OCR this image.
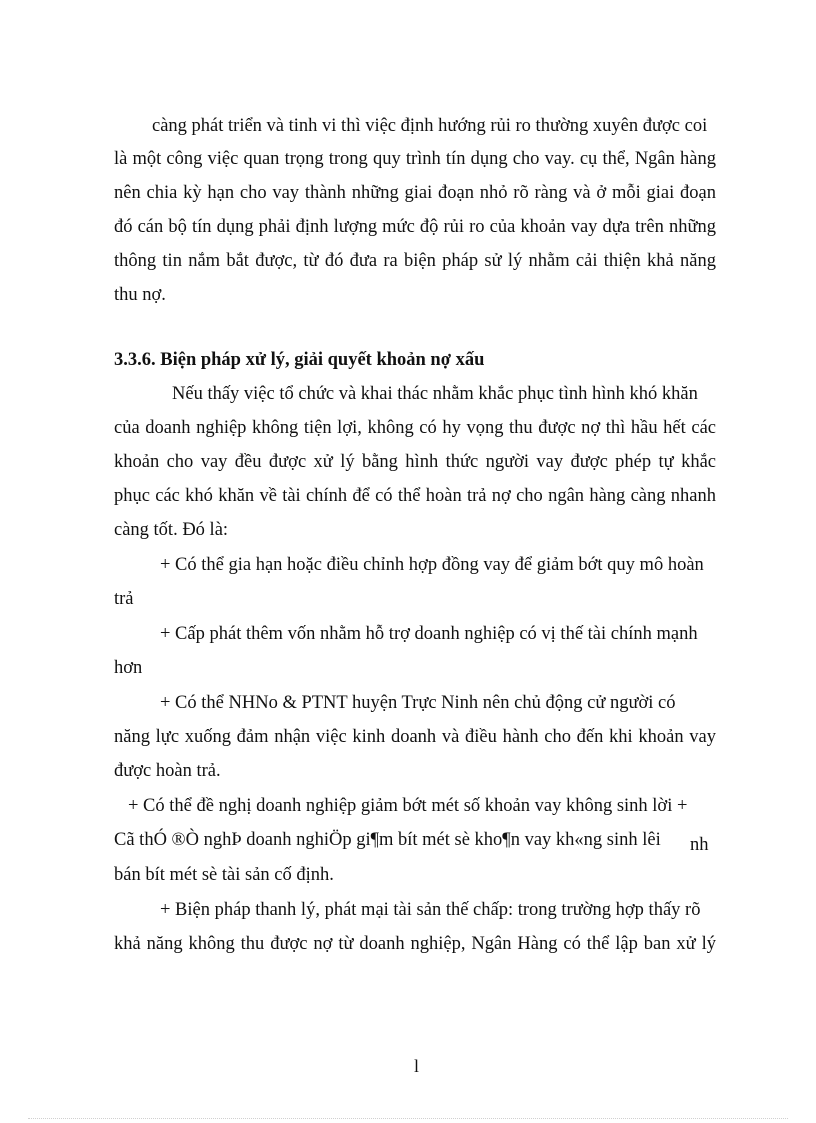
càng phát triển và tinh vi thì việc định hướng rủi ro thường xuyên được coi
là một công việc quan trọng trong quy trình tín dụng cho vay. cụ thể, Ngân hàng
nên chia kỳ hạn cho vay thành những giai đoạn nhỏ rõ ràng và ở mỗi giai đoạn
đó cán bộ tín dụng phải định lượng mức độ rủi ro của khoản vay dựa trên những
thông tin nắm bắt được, từ đó đưa ra biện pháp sử lý nhằm cải thiện khả năng
thu nợ.
3.3.6. Biện pháp xử lý, giải quyết khoản nợ xấu
Nếu thấy việc tổ chức và khai thác nhằm khắc phục tình hình khó khăn
của doanh nghiệp không tiện lợi, không có hy vọng thu được nợ thì hầu hết các
khoản cho vay đều được xử lý bằng hình thức người vay được phép tự khắc
phục các khó khăn về tài chính để có thể hoàn trả nợ cho ngân hàng càng nhanh
càng tốt. Đó là:
+ Có thể gia hạn hoặc điều chỉnh hợp đồng vay để giảm bớt quy mô hoàn
trả
+ Cấp phát thêm vốn nhằm hỗ trợ doanh nghiệp có vị thế tài chính mạnh
hơn
+ Có thể NHNo & PTNT huyện Trực Ninh nên chủ động cử người có
năng lực xuống đảm nhận việc kinh doanh và điều hành cho đến khi khoản vay
được hoàn trả.
+ Có thể đề nghị doanh nghiệp giảm bớt mét số khoản vay không sinh lời +
Cã thÓ ®Ò nghÞ doanh nghiÖp gi¶m bít mét sè kho¶n vay kh«ng sinh lêi nh
bán bít mét sè tài sản cố định.
+ Biện pháp thanh lý, phát mại tài sản thế chấp: trong trường hợp thấy rõ
khả năng không thu được nợ từ doanh nghiệp, Ngân Hàng có thể lập ban xử lý
l
